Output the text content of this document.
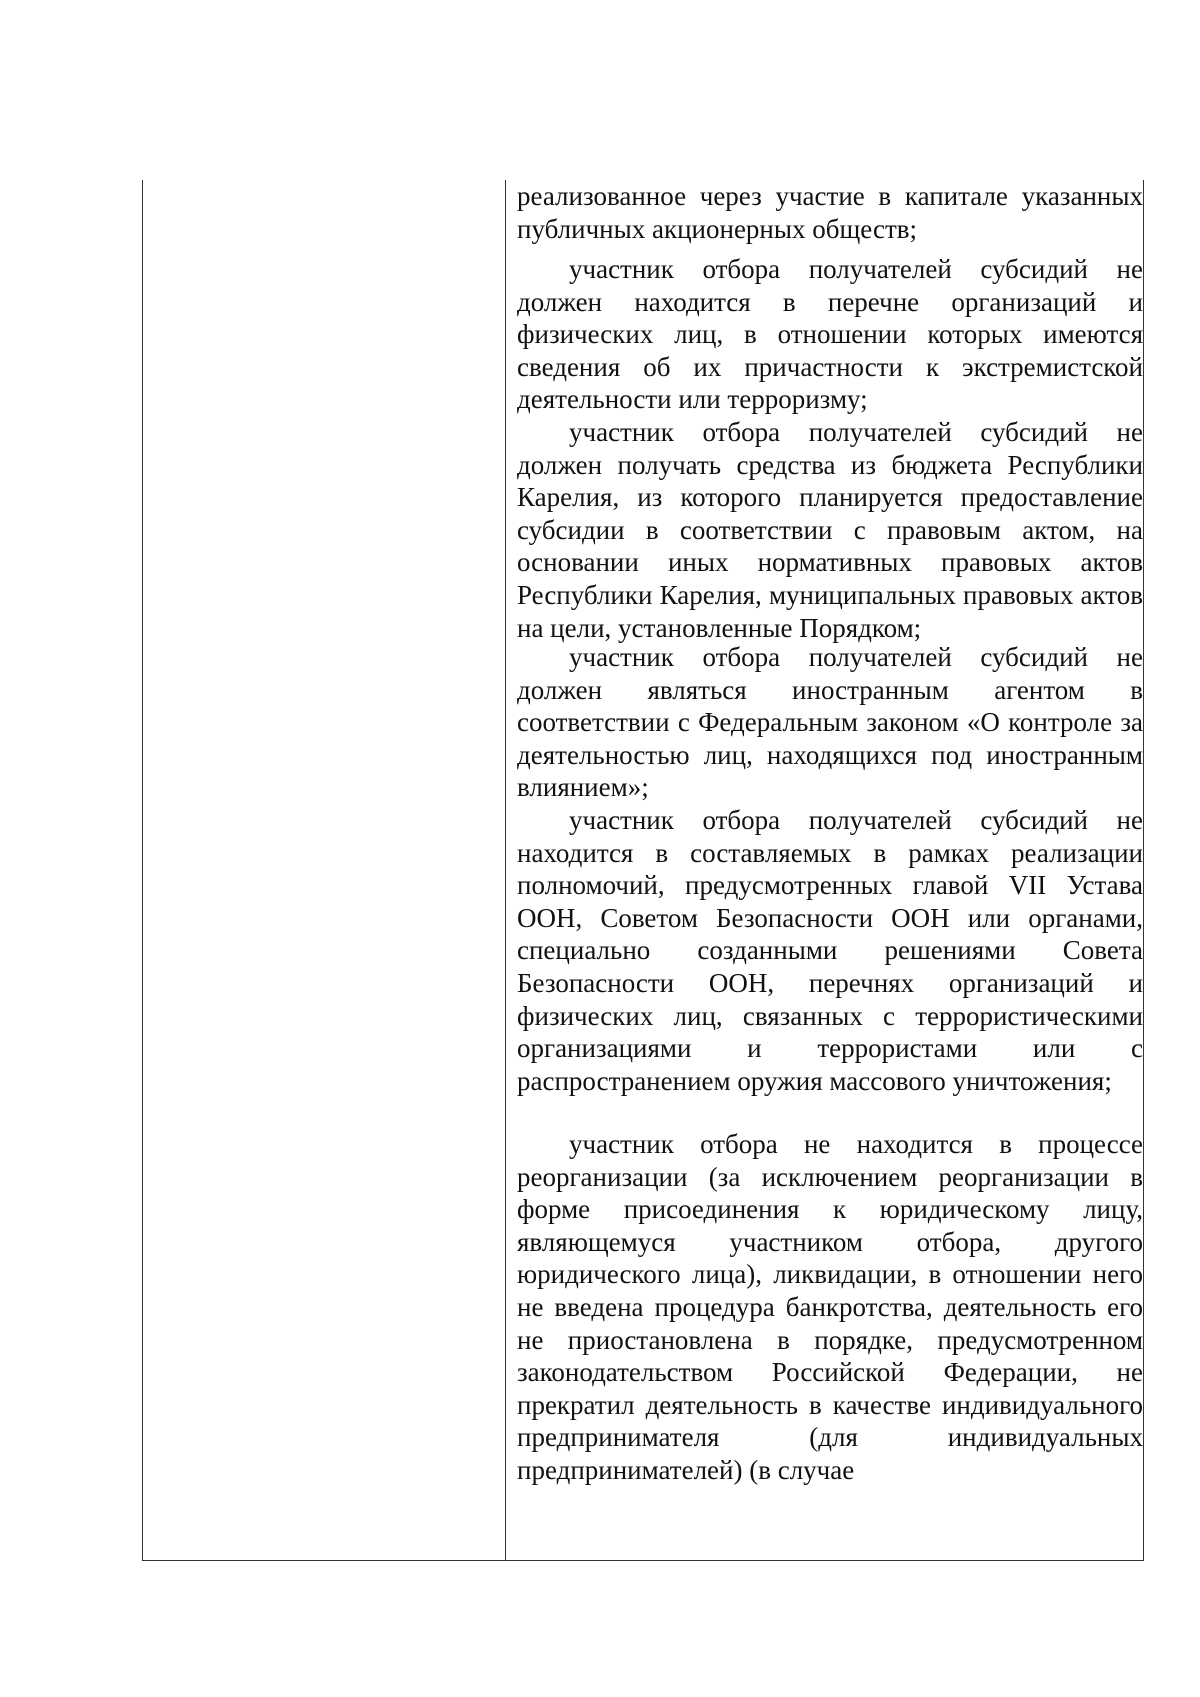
реализованное через участие в капитале указанных публичных акционерных обществ;

участник отбора получателей субсидий не должен находится в перечне организаций и физических лиц, в отношении которых имеются сведения об их причастности к экстремистской деятельности или терроризму;

участник отбора получателей субсидий не должен получать средства из бюджета Республики Карелия, из которого планируется предоставление субсидии в соответствии с правовым актом, на основании иных нормативных правовых актов Республики Карелия, муниципальных правовых актов на цели, установленные Порядком;

участник отбора получателей субсидий не должен являться иностранным агентом в соответствии с Федеральным законом «О контроле за деятельностью лиц, находящихся под иностранным влиянием»;

участник отбора получателей субсидий не находится в составляемых в рамках реализации полномочий, предусмотренных главой VII Устава ООН, Советом Безопасности ООН или органами, специально созданными решениями Совета Безопасности ООН, перечнях организаций и физических лиц, связанных с террористическими организациями и террористами или с распространением оружия массового уничтожения;

участник отбора не находится в процессе реорганизации (за исключением реорганизации в форме присоединения к юридическому лицу, являющемуся участником отбора, другого юридического лица), ликвидации, в отношении него не введена процедура банкротства, деятельность его не приостановлена в порядке, предусмотренном законодательством Российской Федерации, не прекратил деятельность в качестве индивидуального предпринимателя (для индивидуальных предпринимателей) (в случае
